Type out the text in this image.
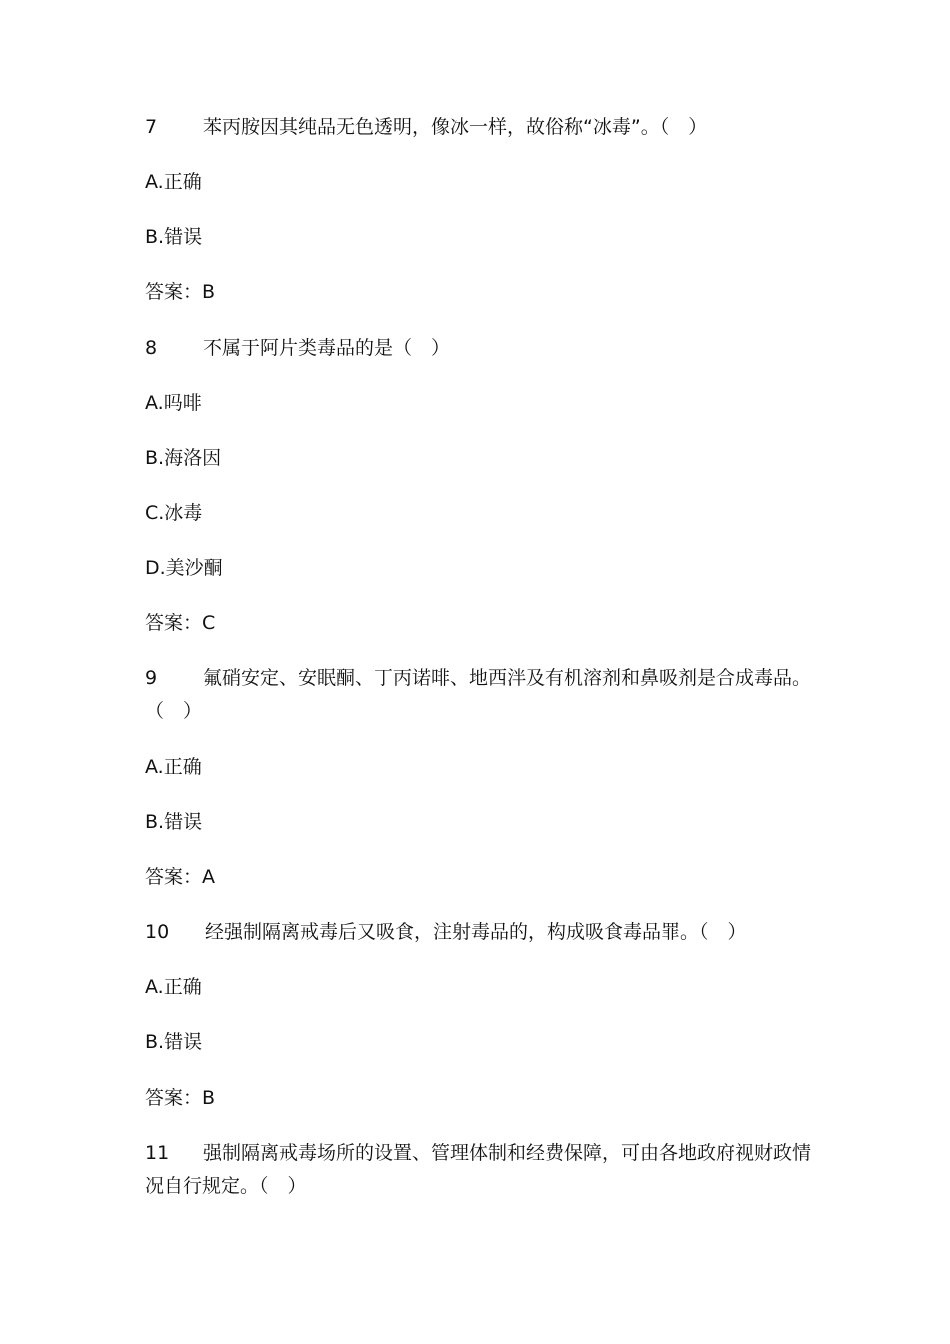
7	苯丙胺因其纯品无色透明，像冰一样，故俗称“冰毒”。（　）
A.正确
B.错误
答案：B
8	不属于阿片类毒品的是（　）
A.吗啡
B.海洛因
C.冰毒
D.美沙酮
答案：C
9 氟硝安定、安眠酮、丁丙诺啡、地西泮及有机溶剂和鼻吸剂是合成毒品。（　）
A.正确
B.错误
答案：A
10	经强制隔离戒毒后又吸食，注射毒品的，构成吸食毒品罪。（　）
A.正确
B.错误
答案：B
11 强制隔离戒毒场所的设置、管理体制和经费保障，可由各地政府视财政情况自行规定。（　）
